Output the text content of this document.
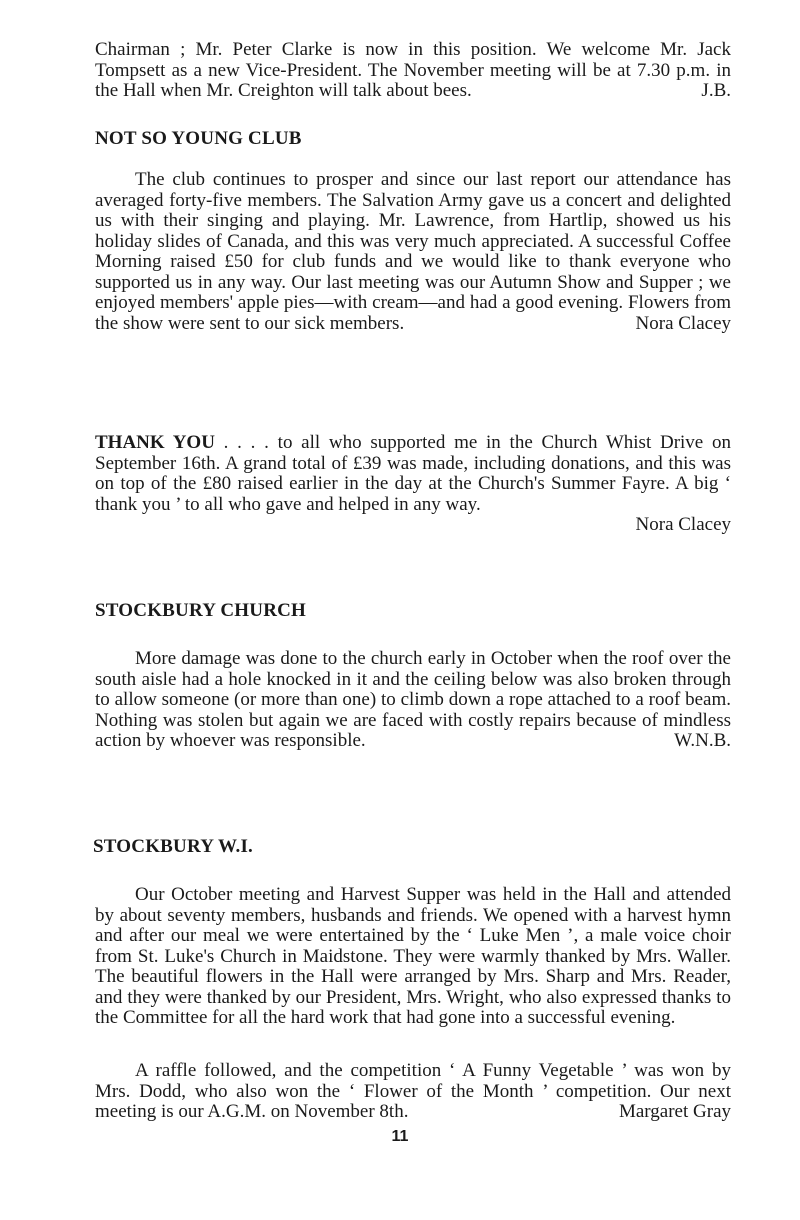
Chairman ; Mr. Peter Clarke is now in this position. We welcome Mr. Jack Tompsett as a new Vice-President. The November meeting will be at 7.30 p.m. in the Hall when Mr. Creighton will talk about bees.	J.B.
NOT SO YOUNG CLUB
The club continues to prosper and since our last report our attendance has averaged forty-five members. The Salvation Army gave us a concert and delighted us with their singing and playing. Mr. Lawrence, from Hartlip, showed us his holiday slides of Canada, and this was very much appreciated. A successful Coffee Morning raised £50 for club funds and we would like to thank everyone who supported us in any way. Our last meeting was our Autumn Show and Supper ; we enjoyed members' apple pies—with cream—and had a good evening. Flowers from the show were sent to our sick members.	Nora Clacey
THANK YOU . . . . to all who supported me in the Church Whist Drive on September 16th. A grand total of £39 was made, including donations, and this was on top of the £80 raised earlier in the day at the Church's Summer Fayre. A big ‘ thank you ’ to all who gave and helped in any way.
Nora Clacey
STOCKBURY CHURCH
More damage was done to the church early in October when the roof over the south aisle had a hole knocked in it and the ceiling below was also broken through to allow someone (or more than one) to climb down a rope attached to a roof beam. Nothing was stolen but again we are faced with costly repairs because of mindless action by whoever was responsible.	W.N.B.
STOCKBURY W.I.
Our October meeting and Harvest Supper was held in the Hall and attended by about seventy members, husbands and friends. We opened with a harvest hymn and after our meal we were entertained by the ‘ Luke Men ’, a male voice choir from St. Luke's Church in Maidstone. They were warmly thanked by Mrs. Waller. The beautiful flowers in the Hall were arranged by Mrs. Sharp and Mrs. Reader, and they were thanked by our President, Mrs. Wright, who also expressed thanks to the Committee for all the hard work that had gone into a successful evening.
A raffle followed, and the competition ‘ A Funny Vegetable ’ was won by Mrs. Dodd, who also won the ‘ Flower of the Month ’ competition. Our next meeting is our A.G.M. on November 8th.	Margaret Gray
11
